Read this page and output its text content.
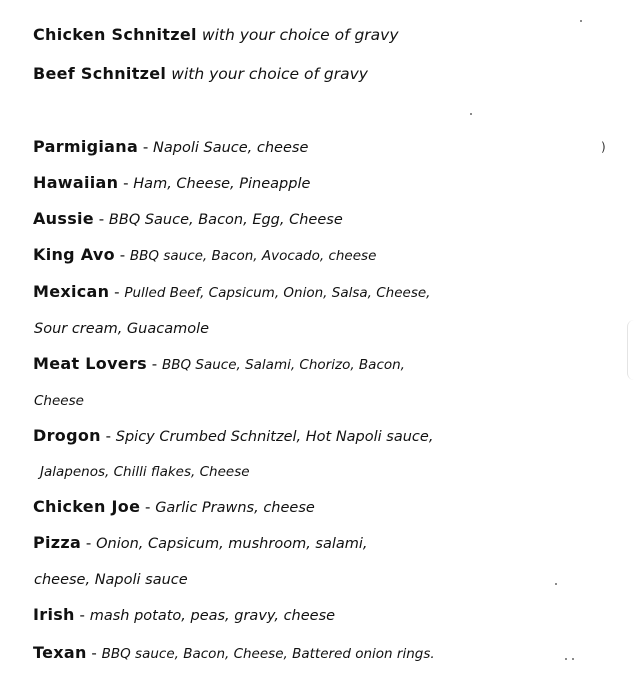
Chicken Schnitzel with your choice of gravy
Beef Schnitzel with your choice of gravy
Parmigiana - Napoli Sauce, cheese
Hawaiian - Ham, Cheese, Pineapple
Aussie - BBQ Sauce, Bacon, Egg, Cheese
King Avo - BBQ sauce, Bacon, Avocado, cheese
Mexican - Pulled Beef, Capsicum, Onion, Salsa, Cheese,
Sour cream, Guacamole
Meat Lovers - BBQ Sauce, Salami, Chorizo, Bacon,
Cheese
Drogon - Spicy Crumbed Schnitzel, Hot Napoli sauce,
Jalapenos, Chilli flakes, Cheese
Chicken Joe - Garlic Prawns, cheese
Pizza - Onion, Capsicum, mushroom, salami,
cheese, Napoli sauce
Irish - mash potato, peas, gravy, cheese
Texan - BBQ sauce, Bacon, Cheese, Battered onion rings.
)
